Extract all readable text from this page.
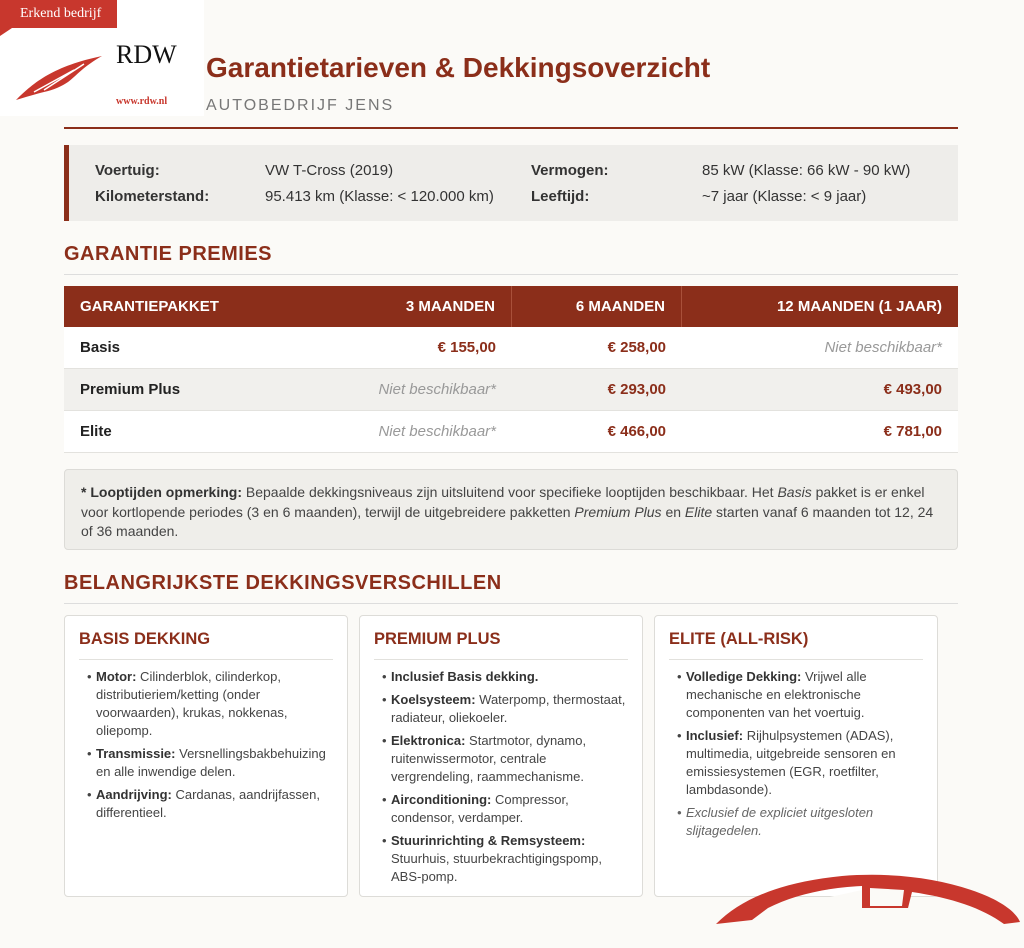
Garantietarieven & Dekkingsoverzicht
AUTOBEDRIJF JENS
Erkend bedrijf
RDW
www.rdw.nl
Voertuig:	VW T-Cross (2019)
Kilometerstand:	95.413 km (Klasse: < 120.000 km)
Vermogen:	85 kW (Klasse: 66 kW - 90 kW)
Leeftijd:	~7 jaar (Klasse: < 9 jaar)
GARANTIE PREMIES
GARANTIEPAKKET	3 MAANDEN	6 MAANDEN	12 MAANDEN (1 JAAR)
Basis	€ 155,00	€ 258,00	Niet beschikbaar*
Premium Plus	Niet beschikbaar*	€ 293,00	€ 493,00
Elite	Niet beschikbaar*	€ 466,00	€ 781,00
* Looptijden opmerking: Bepaalde dekkingsniveaus zijn uitsluitend voor specifieke looptijden beschikbaar. Het Basis pakket is er enkel voor kortlopende periodes (3 en 6 maanden), terwijl de uitgebreidere pakketten Premium Plus en Elite starten vanaf 6 maanden tot 12, 24 of 36 maanden.
BELANGRIJKSTE DEKKINGSVERSCHILLEN
BASIS DEKKING
• Motor: Cilinderblok, cilinderkop, distributieriem/ketting (onder voorwaarden), krukas, nokkenas, oliepomp.
• Transmissie: Versnellingsbakbehuizing en alle inwendige delen.
• Aandrijving: Cardanas, aandrijfassen, differentieel.
PREMIUM PLUS
• Inclusief Basis dekking.
• Koelsysteem: Waterpomp, thermostaat, radiateur, oliekoeler.
• Elektronica: Startmotor, dynamo, ruitenwissermotor, centrale vergrendeling, raammechanisme.
• Airconditioning: Compressor, condensor, verdamper.
• Stuurinrichting & Remsysteem: Stuurhuis, stuurbekrachtigingspomp, ABS-pomp.
ELITE (ALL-RISK)
• Volledige Dekking: Vrijwel alle mechanische en elektronische componenten van het voertuig.
• Inclusief: Rijhulpsystemen (ADAS), multimedia, uitgebreide sensoren en emissiesystemen (EGR, roetfilter, lambdasonde).
• Exclusief de expliciet uitgesloten slijtagedelen.
